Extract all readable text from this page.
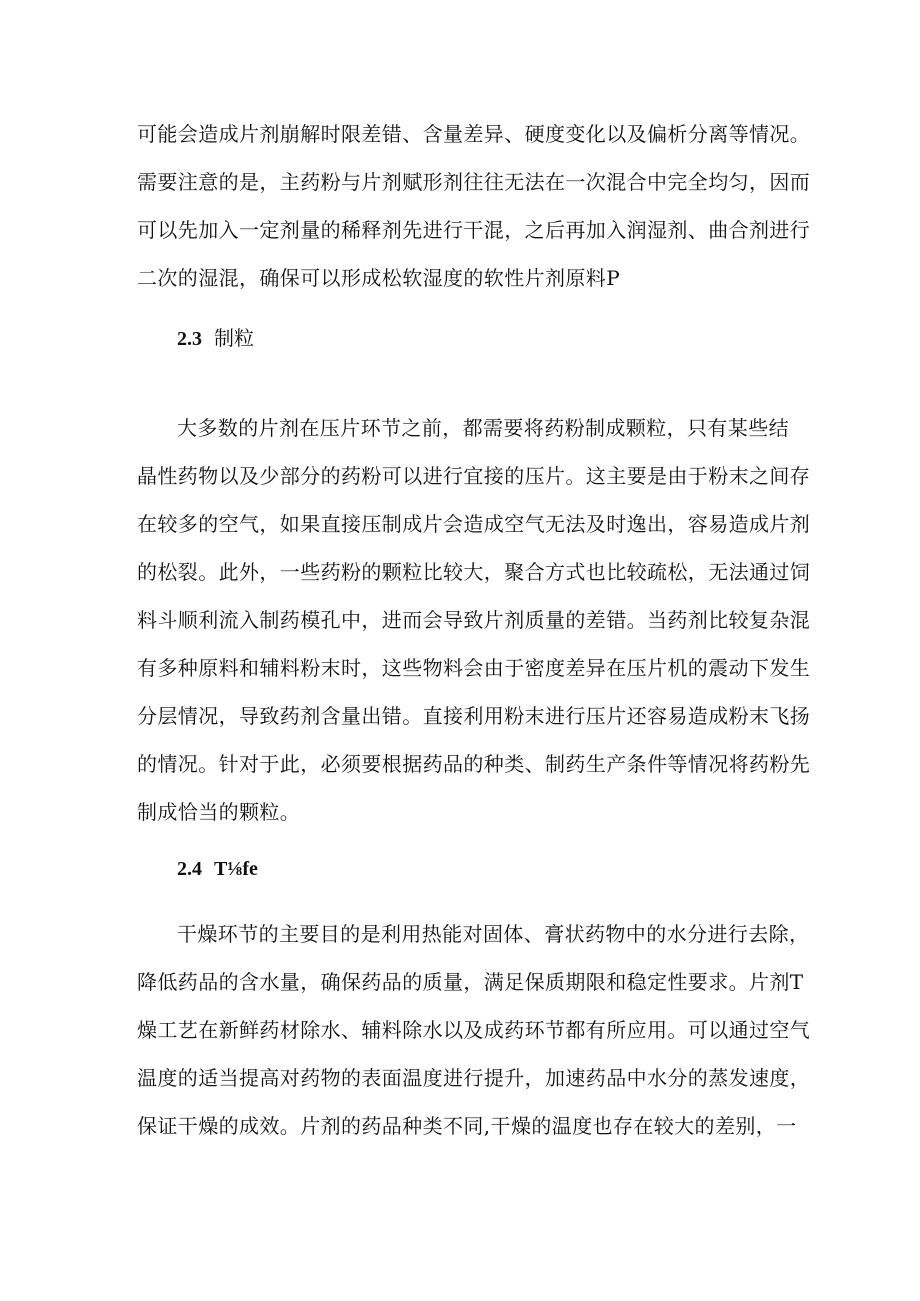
可能会造成片剂崩解时限差错、含量差异、硬度变化以及偏析分离等情况。
需要注意的是，主药粉与片剂赋形剂往往无法在一次混合中完全均匀，因而
可以先加入一定剂量的稀释剂先进行干混，之后再加入润湿剂、曲合剂进行
二次的湿混，确保可以形成松软湿度的软性片剂原料P
2.3 制粒
大多数的片剂在压片环节之前，都需要将药粉制成颗粒，只有某些结
晶性药物以及少部分的药粉可以进行宜接的压片。这主要是由于粉末之间存
在较多的空气，如果直接压制成片会造成空气无法及时逸出，容易造成片剂
的松裂。此外，一些药粉的颗粒比较大，聚合方式也比较疏松，无法通过饲
料斗顺利流入制药模孔中，进而会导致片剂质量的差错。当药剂比较复杂混
有多种原料和辅料粉末时，这些物料会由于密度差异在压片机的震动下发生
分层情况，导致药剂含量出错。直接利用粉末进行压片还容易造成粉末飞扬
的情况。针对于此，必须要根据药品的种类、制药生产条件等情况将药粉先
制成恰当的颗粒。
2.4 T⅛fe
干燥环节的主要目的是利用热能对固体、膏状药物中的水分进行去除，
降低药品的含水量，确保药品的质量，满足保质期限和稳定性要求。片剂T
燥工艺在新鲜药材除水、辅料除水以及成药环节都有所应用。可以通过空气
温度的适当提高对药物的表面温度进行提升，加速药品中水分的蒸发速度，
保证干燥的成效。片剂的药品种类不同,干燥的温度也存在较大的差别，一
